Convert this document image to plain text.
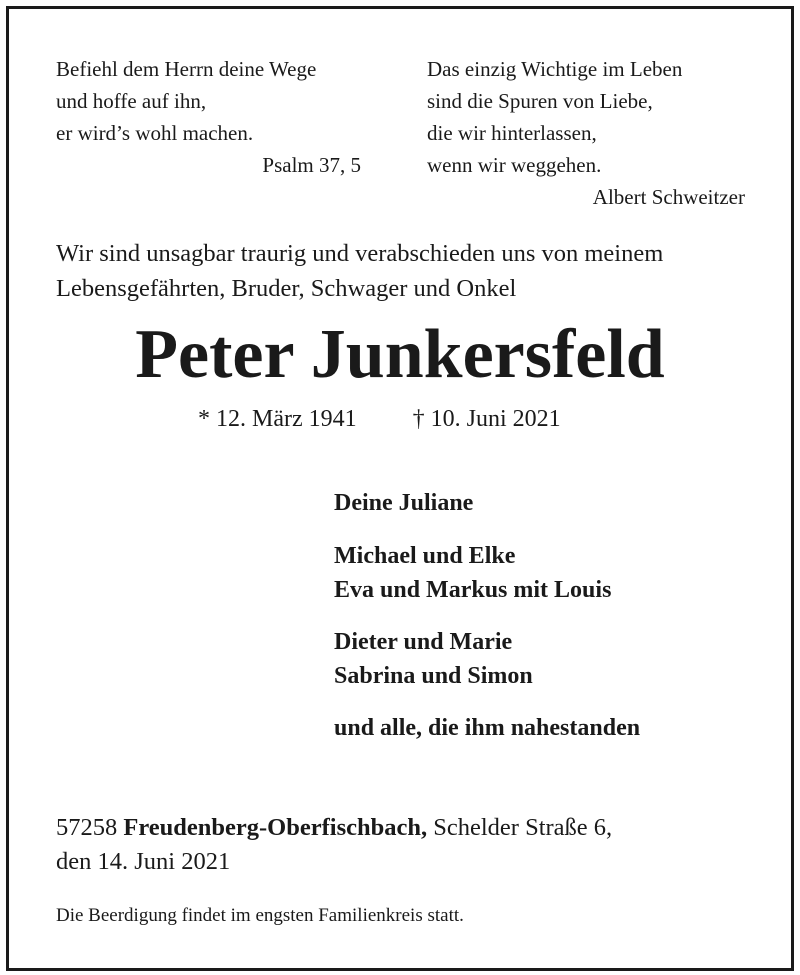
Befiehl dem Herrn deine Wege
und hoffe auf ihn,
er wird’s wohl machen.
Psalm 37, 5
Das einzig Wichtige im Leben
sind die Spuren von Liebe,
die wir hinterlassen,
wenn wir weggehen.
Albert Schweitzer
Wir sind unsagbar traurig und verabschieden uns von meinem
Lebensgefährten, Bruder, Schwager und Onkel
Peter Junkersfeld
* 12. März 1941 † 10. Juni 2021
Deine Juliane
Michael und Elke
Eva und Markus mit Louis
Dieter und Marie
Sabrina und Simon
und alle, die ihm nahestanden
57258 Freudenberg-Oberfischbach, Schelder Straße 6,
den 14. Juni 2021
Die Beerdigung findet im engsten Familienkreis statt.
